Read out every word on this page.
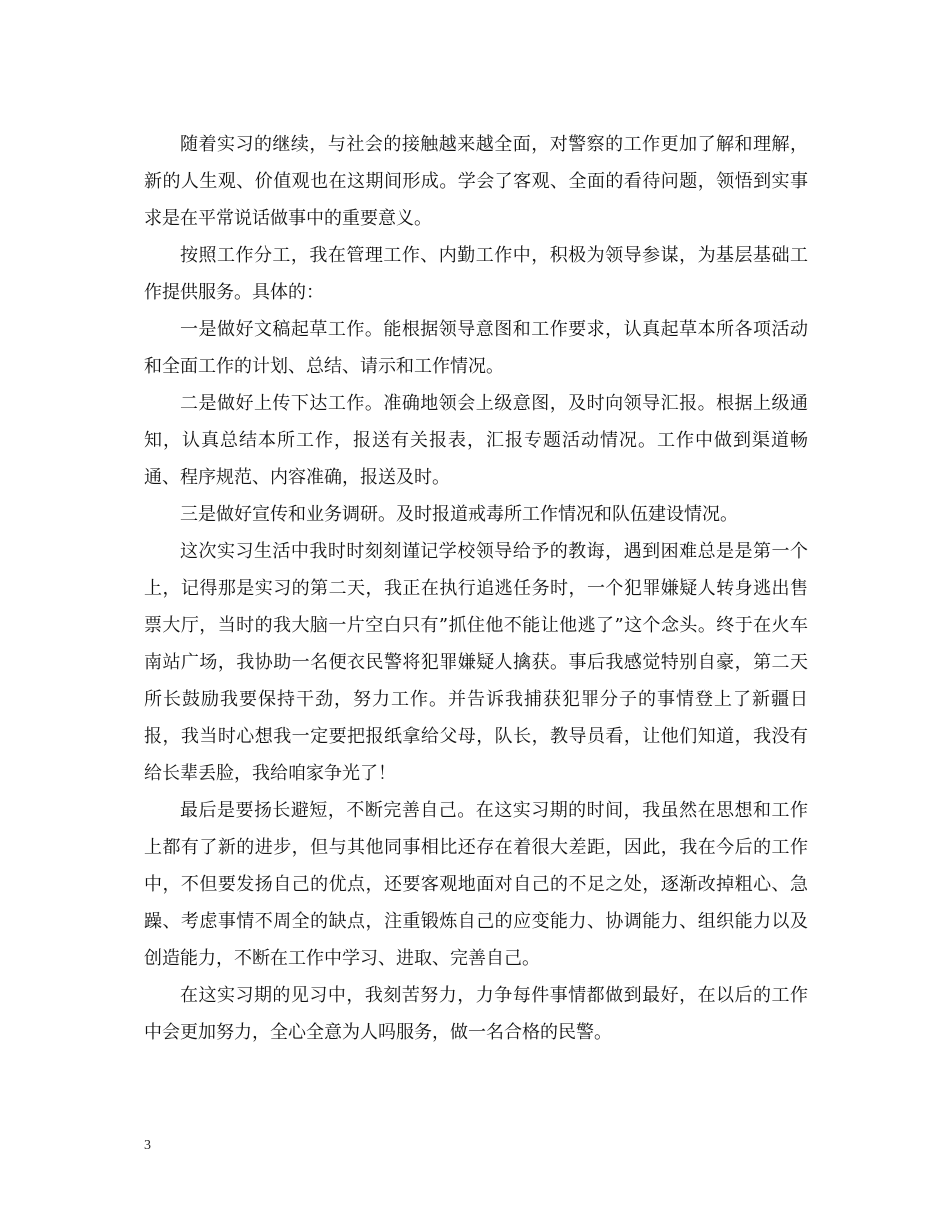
随着实习的继续，与社会的接触越来越全面，对警察的工作更加了解和理解，新的人生观、价值观也在这期间形成。学会了客观、全面的看待问题，领悟到实事求是在平常说话做事中的重要意义。

按照工作分工，我在管理工作、内勤工作中，积极为领导参谋，为基层基础工作提供服务。具体的：

一是做好文稿起草工作。能根据领导意图和工作要求，认真起草本所各项活动和全面工作的计划、总结、请示和工作情况。

二是做好上传下达工作。准确地领会上级意图，及时向领导汇报。根据上级通知，认真总结本所工作，报送有关报表，汇报专题活动情况。工作中做到渠道畅通、程序规范、内容准确，报送及时。

三是做好宣传和业务调研。及时报道戒毒所工作情况和队伍建设情况。

这次实习生活中我时时刻刻谨记学校领导给予的教诲，遇到困难总是是第一个上，记得那是实习的第二天，我正在执行追逃任务时，一个犯罪嫌疑人转身逃出售票大厅，当时的我大脑一片空白只有”抓住他不能让他逃了”这个念头。终于在火车南站广场，我协助一名便衣民警将犯罪嫌疑人擒获。事后我感觉特别自豪，第二天所长鼓励我要保持干劲，努力工作。并告诉我捕获犯罪分子的事情登上了新疆日报，我当时心想我一定要把报纸拿给父母，队长，教导员看，让他们知道，我没有给长辈丢脸，我给咱家争光了！

最后是要扬长避短，不断完善自己。在这实习期的时间，我虽然在思想和工作上都有了新的进步，但与其他同事相比还存在着很大差距，因此，我在今后的工作中，不但要发扬自己的优点，还要客观地面对自己的不足之处，逐渐改掉粗心、急躁、考虑事情不周全的缺点，注重锻炼自己的应变能力、协调能力、组织能力以及创造能力，不断在工作中学习、进取、完善自己。

在这实习期的见习中，我刻苦努力，力争每件事情都做到最好，在以后的工作中会更加努力，全心全意为人吗服务，做一名合格的民警。

3
